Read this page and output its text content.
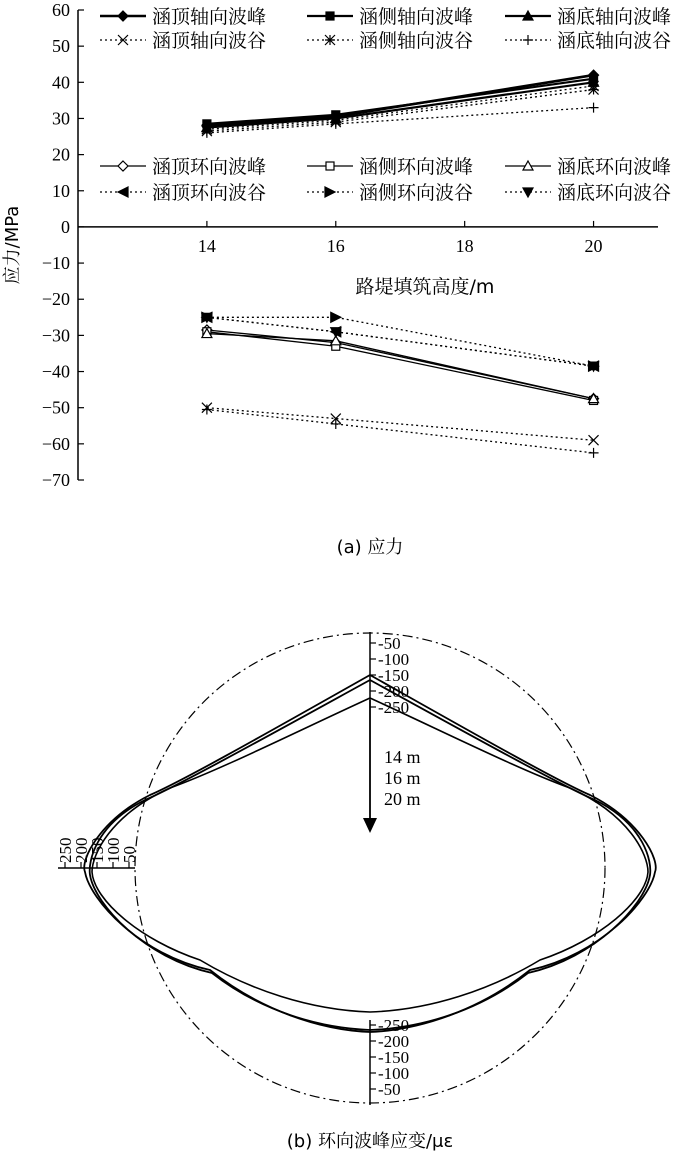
60
50
40
30
20
10
0
−10
−20
−30
−40
−50
−60
−70
14	16	18	20
涵顶轴向波峰	涵侧轴向波峰	涵底轴向波峰
涵顶轴向波谷	涵侧轴向波谷	涵底轴向波谷
涵顶环向波峰	涵侧环向波峰	涵底环向波峰
涵顶环向波谷	涵侧环向波谷	涵底环向波谷
应力/MPa
路堤填筑高度/m
(a) 应力
-50
-100
-150
-200
-250
-250
-200
-150
-100
-50
250
200
150
100
50
14 m
16 m
20 m
(b) 环向波峰应变/με
